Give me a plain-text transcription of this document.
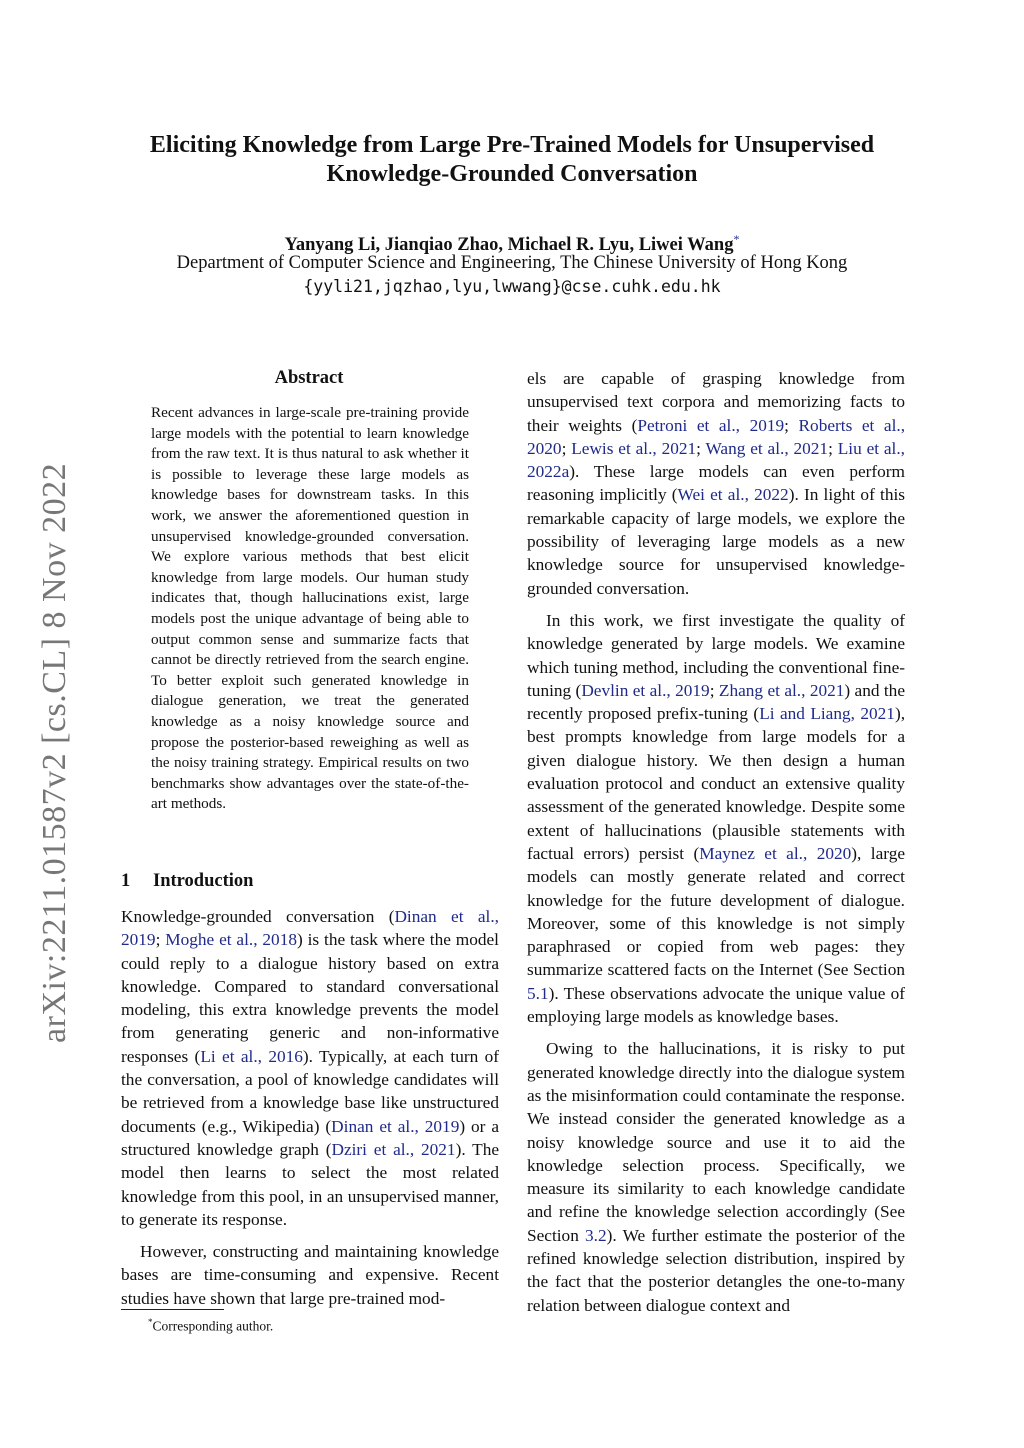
Eliciting Knowledge from Large Pre-Trained Models for Unsupervised Knowledge-Grounded Conversation
Yanyang Li, Jianqiao Zhao, Michael R. Lyu, Liwei Wang*
Department of Computer Science and Engineering, The Chinese University of Hong Kong
{yyli21,jqzhao,lyu,lwwang}@cse.cuhk.edu.hk
arXiv:2211.01587v2 [cs.CL] 8 Nov 2022
Abstract
Recent advances in large-scale pre-training provide large models with the potential to learn knowledge from the raw text. It is thus natural to ask whether it is possible to leverage these large models as knowledge bases for downstream tasks. In this work, we answer the aforementioned question in unsupervised knowledge-grounded conversation. We explore various methods that best elicit knowledge from large models. Our human study indicates that, though hallucinations exist, large models post the unique advantage of being able to output common sense and summarize facts that cannot be directly retrieved from the search engine. To better exploit such generated knowledge in dialogue generation, we treat the generated knowledge as a noisy knowledge source and propose the posterior-based reweighing as well as the noisy training strategy. Empirical results on two benchmarks show advantages over the state-of-the-art methods.
1 Introduction

Knowledge-grounded conversation (Dinan et al., 2019; Moghe et al., 2018) is the task where the model could reply to a dialogue history based on extra knowledge. Compared to standard conversational modeling, this extra knowledge prevents the model from generating generic and non-informative responses (Li et al., 2016). Typically, at each turn of the conversation, a pool of knowledge candidates will be retrieved from a knowledge base like unstructured documents (e.g., Wikipedia) (Dinan et al., 2019) or a structured knowledge graph (Dziri et al., 2021). The model then learns to select the most related knowledge from this pool, in an unsupervised manner, to generate its response.

However, constructing and maintaining knowledge bases are time-consuming and expensive. Recent studies have shown that large pre-trained mod-

*Corresponding author.

els are capable of grasping knowledge from unsupervised text corpora and memorizing facts to their weights (Petroni et al., 2019; Roberts et al., 2020; Lewis et al., 2021; Wang et al., 2021; Liu et al., 2022a). These large models can even perform reasoning implicitly (Wei et al., 2022). In light of this remarkable capacity of large models, we explore the possibility of leveraging large models as a new knowledge source for unsupervised knowledge-grounded conversation.

In this work, we first investigate the quality of knowledge generated by large models. We examine which tuning method, including the conventional fine-tuning (Devlin et al., 2019; Zhang et al., 2021) and the recently proposed prefix-tuning (Li and Liang, 2021), best prompts knowledge from large models for a given dialogue history. We then design a human evaluation protocol and conduct an extensive quality assessment of the generated knowledge. Despite some extent of hallucinations (plausible statements with factual errors) persist (Maynez et al., 2020), large models can mostly generate related and correct knowledge for the future development of dialogue. Moreover, some of this knowledge is not simply paraphrased or copied from web pages: they summarize scattered facts on the Internet (See Section 5.1). These observations advocate the unique value of employing large models as knowledge bases.

Owing to the hallucinations, it is risky to put generated knowledge directly into the dialogue system as the misinformation could contaminate the response. We instead consider the generated knowledge as a noisy knowledge source and use it to aid the knowledge selection process. Specifically, we measure its similarity to each knowledge candidate and refine the knowledge selection accordingly (See Section 3.2). We further estimate the posterior of the refined knowledge selection distribution, inspired by the fact that the posterior detangles the one-to-many relation between dialogue context and
